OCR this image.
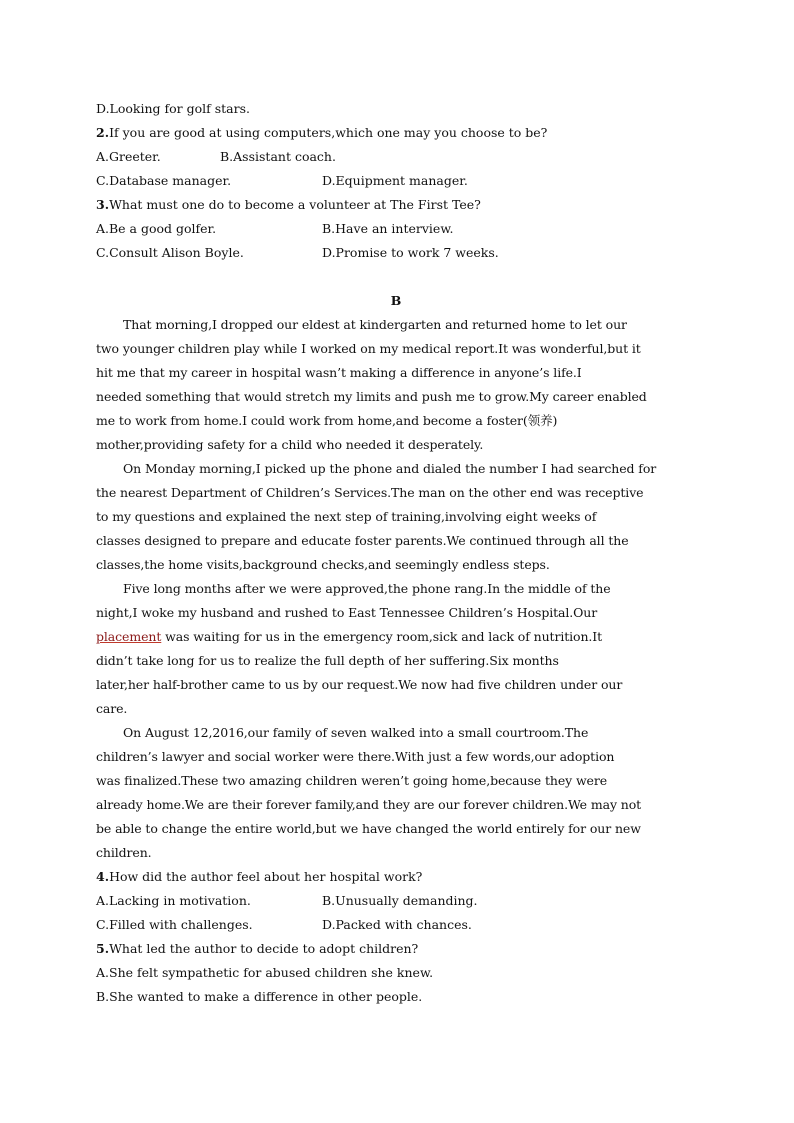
D.Looking for golf stars.
2.If you are good at using computers,which one may you choose to be?
A.Greeter.	B.Assistant coach.
C.Database manager.	D.Equipment manager.
3.What must one do to become a volunteer at The First Tee?
A.Be a good golfer.	B.Have an interview.
C.Consult Alison Boyle.	D.Promise to work 7 weeks.
B
That morning,I dropped our eldest at kindergarten and returned home to let our
two younger children play while I worked on my medical report.It was wonderful,but it
hit me that my career in hospital wasn’t making a difference in anyone’s life.I
needed something that would stretch my limits and push me to grow.My career enabled
me to work from home.I could work from home,and become a foster(领养)
mother,providing safety for a child who needed it desperately.
On Monday morning,I picked up the phone and dialed the number I had searched for
the nearest Department of Children’s Services.The man on the other end was receptive
to my questions and explained the next step of training,involving eight weeks of
classes designed to prepare and educate foster parents.We continued through all the
classes,the home visits,background checks,and seemingly endless steps.
Five long months after we were approved,the phone rang.In the middle of the
night,I woke my husband and rushed to East Tennessee Children’s Hospital.Our
placement was waiting for us in the emergency room,sick and lack of nutrition.It
didn’t take long for us to realize the full depth of her suffering.Six months
later,her half-brother came to us by our request.We now had five children under our
care.
On August 12,2016,our family of seven walked into a small courtroom.The
children’s lawyer and social worker were there.With just a few words,our adoption
was finalized.These two amazing children weren’t going home,because they were
already home.We are their forever family,and they are our forever children.We may not
be able to change the entire world,but we have changed the world entirely for our new
children.
4.How did the author feel about her hospital work?
A.Lacking in motivation.	B.Unusually demanding.
C.Filled with challenges.	D.Packed with chances.
5.What led the author to decide to adopt children?
A.She felt sympathetic for abused children she knew.
B.She wanted to make a difference in other people.
